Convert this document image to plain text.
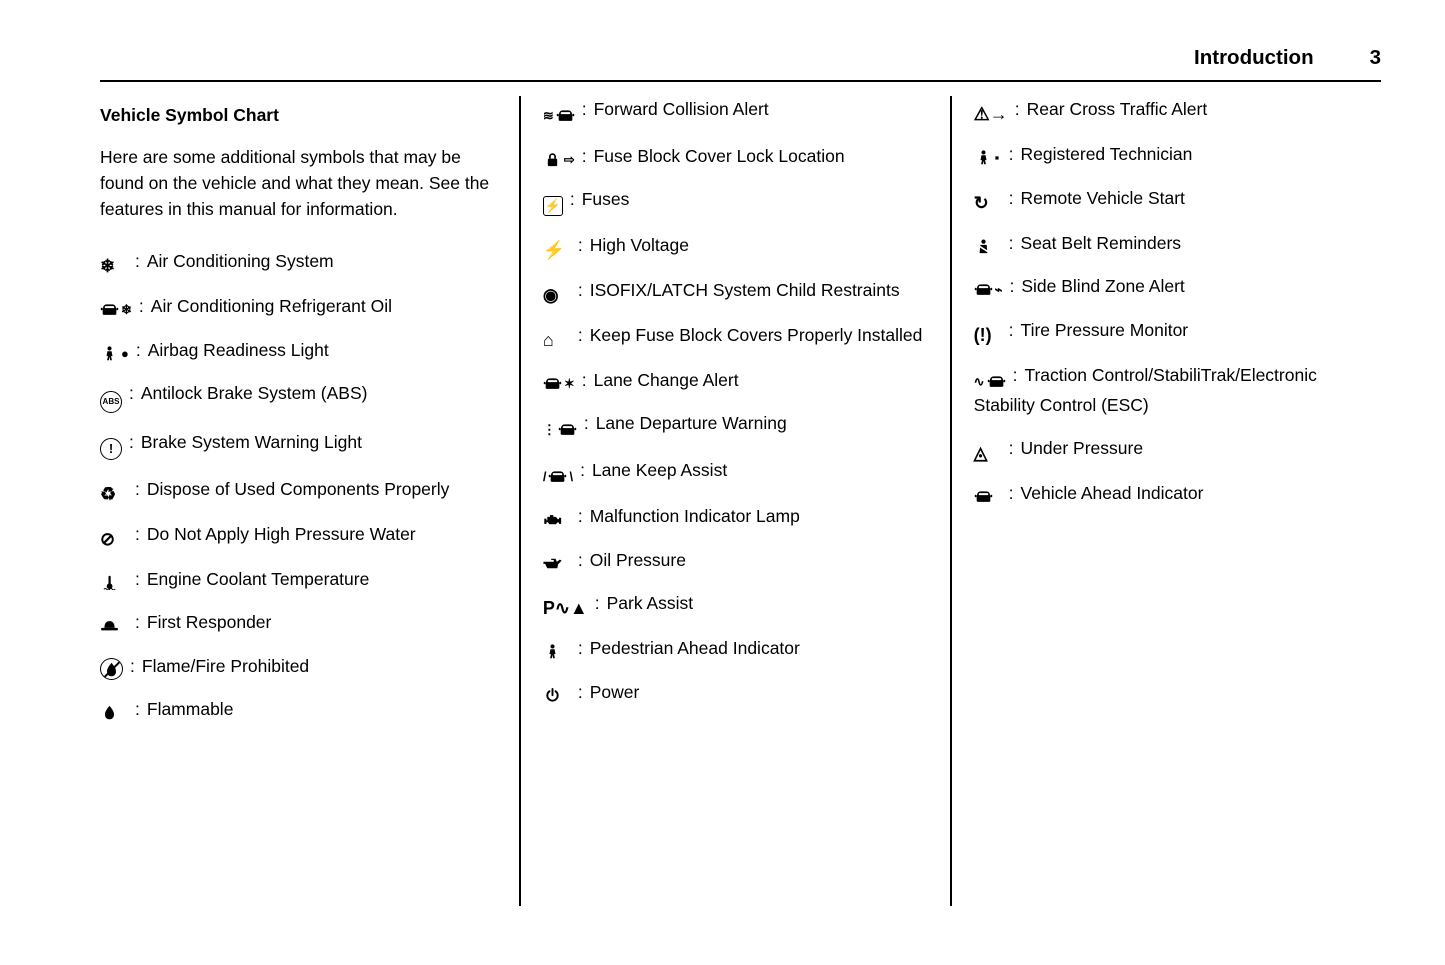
Introduction	3
Vehicle Symbol Chart

Here are some additional symbols that may be found on the vehicle and what they mean. See the features in this manual for information.

❄ : Air Conditioning System
❄ : Air Conditioning Refrigerant Oil
● : Airbag Readiness Light
ABS : Antilock Brake System (ABS)
! : Brake System Warning Light
♻ : Dispose of Used Components Properly
⊘ : Do Not Apply High Pressure Water
: Engine Coolant Temperature
: First Responder
: Flame/Fire Prohibited
: Flammable
≋ : Forward Collision Alert
⇨ : Fuse Block Cover Lock Location
⚡ : Fuses
⚡ : High Voltage
◉ : ISOFIX/LATCH System Child Restraints
⌂ : Keep Fuse Block Covers Properly Installed
✶ : Lane Change Alert
⋮ : Lane Departure Warning
/ \ : Lane Keep Assist
: Malfunction Indicator Lamp
: Oil Pressure
P∿▲ : Park Assist
: Pedestrian Ahead Indicator
: Power
⚠→ : Rear Cross Traffic Alert
▪ : Registered Technician
↻ : Remote Vehicle Start
: Seat Belt Reminders
⌁ : Side Blind Zone Alert
(!) : Tire Pressure Monitor
∿ : Traction Control/StabiliTrak/Electronic Stability Control (ESC)
◬ : Under Pressure
: Vehicle Ahead Indicator
